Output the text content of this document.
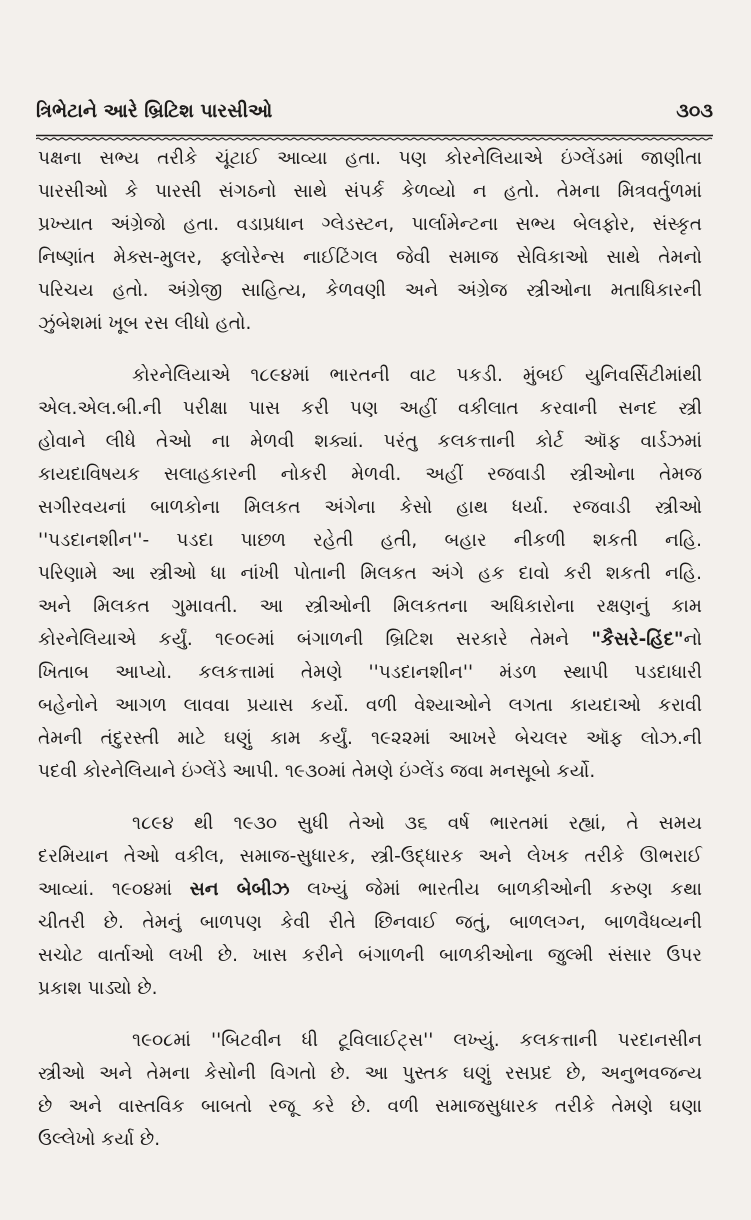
ત્રિભેટાને આરે બ્રિટિશ પારસીઓ	૩૦૩

પક્ષના સભ્ય તરીકે ચૂંટાઈ આવ્યા હતા. પણ કોરનેલિયાએ ઇંગ્લેંડમાં જાણીતા
પારસીઓ કે પારસી સંગઠનો સાથે સંપર્ક કેળવ્યો ન હતો. તેમના મિત્રવર્તુળમાં
પ્રખ્યાત અંગ્રેજો હતા. વડાપ્રધાન ગ્લેડસ્ટન, પાર્લામેન્ટના સભ્ય બેલફોર, સંસ્કૃત
નિષ્ણાંત મેક્સ-મુલર, ફ્લોરેન્સ નાઈટિંગલ જેવી સમાજ સેવિકાઓ સાથે તેમનો
પરિચય હતો. અંગ્રેજી સાહિત્ય, કેળવણી અને અંગ્રેજ સ્ત્રીઓના મતાધિકારની
ઝુંબેશમાં ખૂબ રસ લીધો હતો.

કોરનેલિયાએ ૧૮૯૪માં ભારતની વાટ પકડી. મુંબઈ યુનિવર્સિટીમાંથી
એલ.એલ.બી.ની પરીક્ષા પાસ કરી પણ અહીં વકીલાત કરવાની સનદ સ્ત્રી
હોવાને લીધે તેઓ ના મેળવી શક્યાં. પરંતુ કલકત્તાની કોર્ટ ઑફ વાર્ડઝમાં
કાયદાવિષયક સલાહકારની નોકરી મેળવી. અહીં રજવાડી સ્ત્રીઓના તેમજ
સગીરવયનાં બાળકોના મિલકત અંગેના કેસો હાથ ધર્યા. રજવાડી સ્ત્રીઓ
''પડદાનશીન''- પડદા પાછળ રહેતી હતી, બહાર નીકળી શકતી નહિ.
પરિણામે આ સ્ત્રીઓ ધા નાંખી પોતાની મિલકત અંગે હક દાવો કરી શકતી નહિ.
અને મિલકત ગુમાવતી. આ સ્ત્રીઓની મિલકતના અધિકારોના રક્ષણનું કામ
કોરનેલિયાએ કર્યું. ૧૯૦૯માં બંગાળની બ્રિટિશ સરકારે તેમને "કૈસરે-હિંદ"નો
ખિતાબ આપ્યો. કલકત્તામાં તેમણે ''પડદાનશીન'' મંડળ સ્થાપી પડદાધારી
બહેનોને આગળ લાવવા પ્રયાસ કર્યો. વળી વેશ્યાઓને લગતા કાયદાઓ કરાવી
તેમની તંદુરસ્તી માટે ઘણું કામ કર્યું. ૧૯૨૨માં આખરે બેચલર ઑફ લોઝ.ની
પદવી કોરનેલિયાને ઇંગ્લેંડે આપી. ૧૯૩૦માં તેમણે ઇંગ્લેંડ જવા મનસૂબો કર્યો.

૧૮૯૪ થી ૧૯૩૦ સુધી તેઓ ૩૬ વર્ષ ભારતમાં રહ્યાં, તે સમય
દરમિયાન તેઓ વકીલ, સમાજ-સુધારક, સ્ત્રી-ઉદ્ધારક અને લેખક તરીકે ઊભરાઈ
આવ્યાં. ૧૯૦૪માં સન બેબીઝ લખ્યું જેમાં ભારતીય બાળકીઓની કરુણ કથા
ચીતરી છે. તેમનું બાળપણ કેવી રીતે છિનવાઈ જતું, બાળલગ્ન, બાળવૈધવ્યની
સચોટ વાર્તાઓ લખી છે. ખાસ કરીને બંગાળની બાળકીઓના જુલ્મી સંસાર ઉપર
પ્રકાશ પાડ્યો છે.

૧૯૦૮માં ''બિટવીન ધી ટૂવિલાઈટ્સ'' લખ્યું. કલકત્તાની પરદાનસીન
સ્ત્રીઓ અને તેમના કેસોની વિગતો છે. આ પુસ્તક ઘણું રસપ્રદ છે, અનુભવજન્ય
છે અને વાસ્તવિક બાબતો રજૂ કરે છે. વળી સમાજસુધારક તરીકે તેમણે ઘણા
ઉલ્લેખો કર્યા છે.
